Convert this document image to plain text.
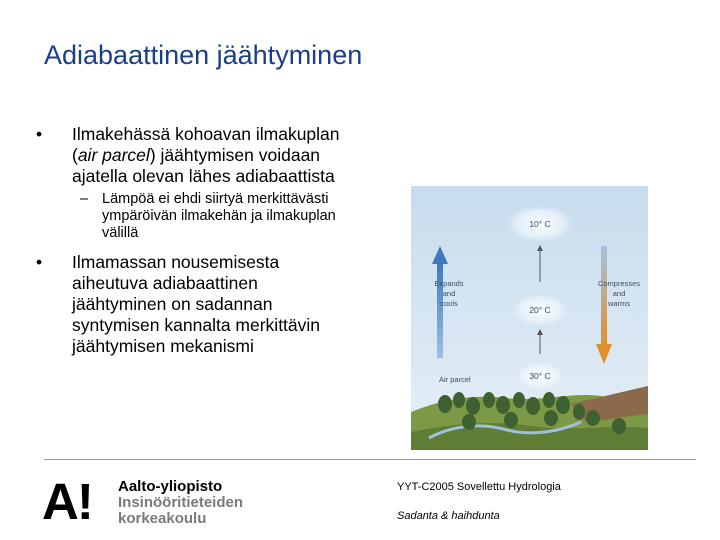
Adiabaattinen jäähtyminen
• Ilmakehässä kohoavan ilmakuplan (air parcel) jäähtymisen voidaan ajatella olevan lähes adiabaattista
– Lämpöä ei ehdi siirtyä merkittävästi ympäröivän ilmakehän ja ilmakuplan välillä
• Ilmamassan nousemisesta aiheutuva adiabaattinen jäähtyminen on sadannan syntymisen kannalta merkittävin jäähtymisen mekanismi
10° C
20° C
30° C
Expands
and
cools
Compresses
and
warms
Air parcel
A! Aalto-yliopisto
Insinööritieteiden
korkeakoulu
YYT-C2005 Sovellettu Hydrologia
Sadanta & haihdunta
